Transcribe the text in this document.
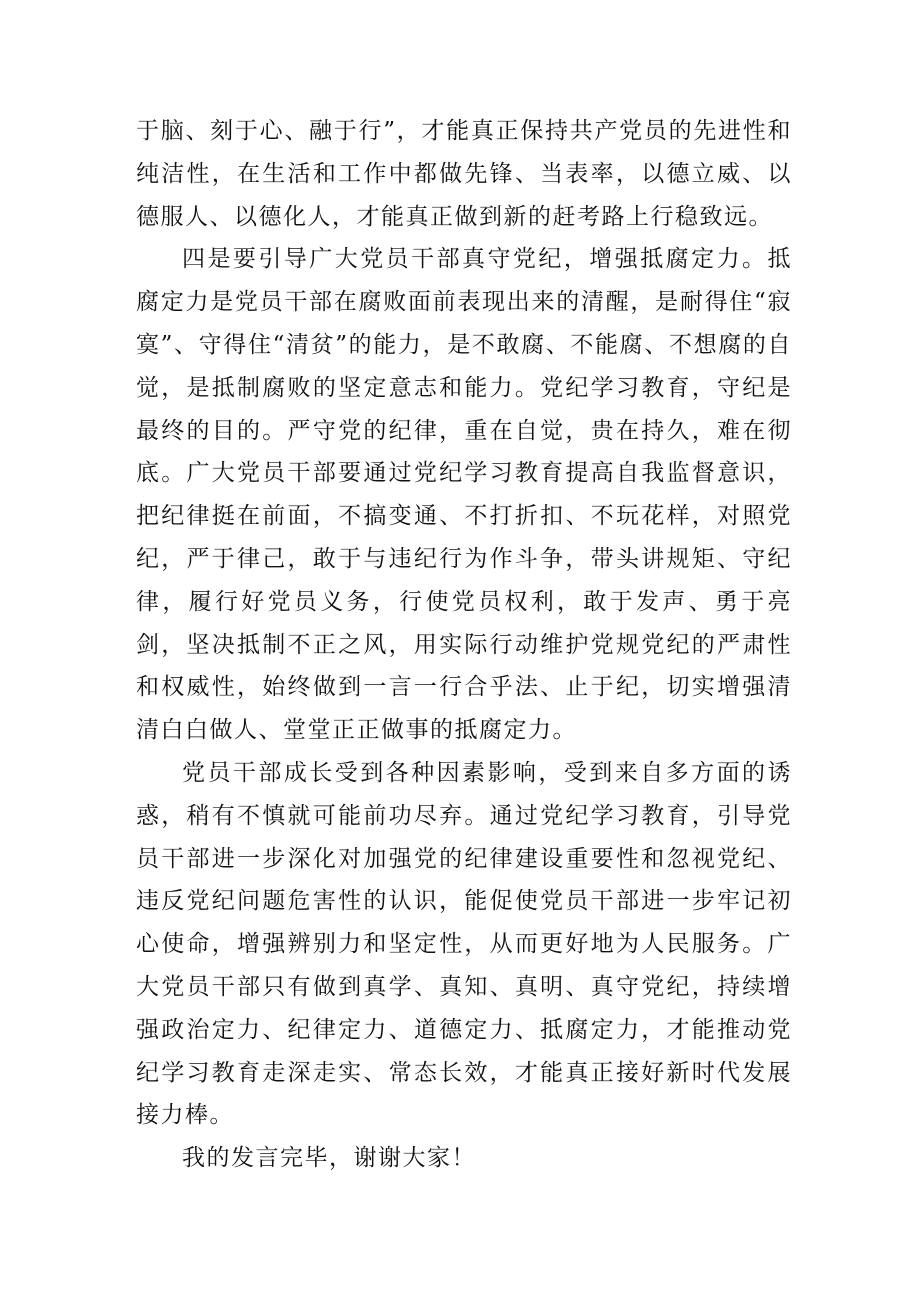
于脑、刻于心、融于行”，才能真正保持共产党员的先进性和纯洁性，在生活和工作中都做先锋、当表率，以德立威、以德服人、以德化人，才能真正做到新的赶考路上行稳致远。

四是要引导广大党员干部真守党纪，增强抵腐定力。抵腐定力是党员干部在腐败面前表现出来的清醒，是耐得住“寂寞”、守得住“清贫”的能力，是不敢腐、不能腐、不想腐的自觉，是抵制腐败的坚定意志和能力。党纪学习教育，守纪是最终的目的。严守党的纪律，重在自觉，贵在持久，难在彻底。广大党员干部要通过党纪学习教育提高自我监督意识，把纪律挺在前面，不搞变通、不打折扣、不玩花样，对照党纪，严于律己，敢于与违纪行为作斗争，带头讲规矩、守纪律，履行好党员义务，行使党员权利，敢于发声、勇于亮剑，坚决抵制不正之风，用实际行动维护党规党纪的严肃性和权威性，始终做到一言一行合乎法、止于纪，切实增强清清白白做人、堂堂正正做事的抵腐定力。

党员干部成长受到各种因素影响，受到来自多方面的诱惑，稍有不慎就可能前功尽弃。通过党纪学习教育，引导党员干部进一步深化对加强党的纪律建设重要性和忽视党纪、违反党纪问题危害性的认识，能促使党员干部进一步牢记初心使命，增强辨别力和坚定性，从而更好地为人民服务。广大党员干部只有做到真学、真知、真明、真守党纪，持续增强政治定力、纪律定力、道德定力、抵腐定力，才能推动党纪学习教育走深走实、常态长效，才能真正接好新时代发展接力棒。

我的发言完毕，谢谢大家！
